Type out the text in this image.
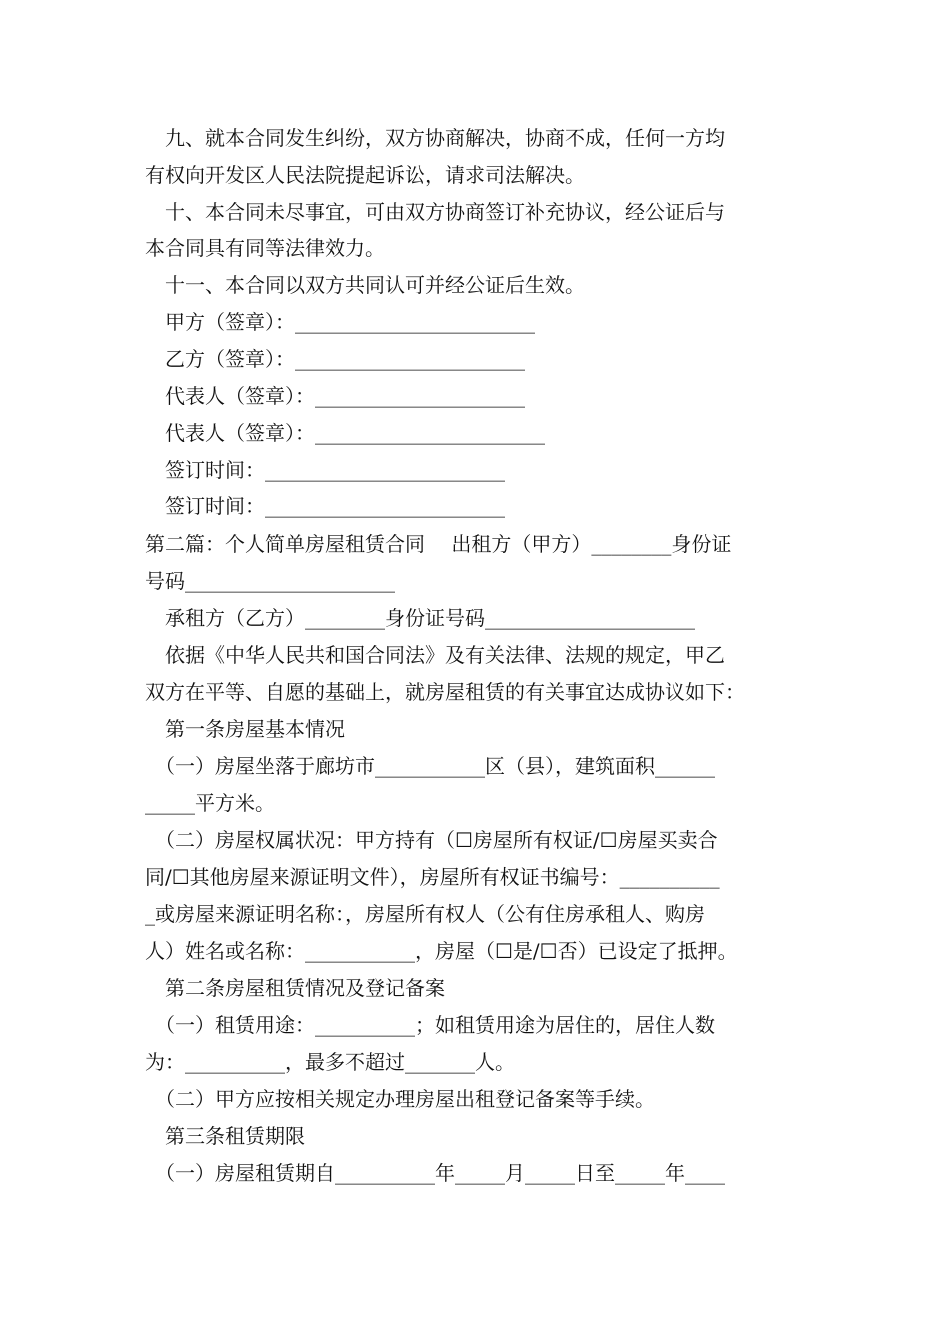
　九、就本合同发生纠纷，双方协商解决，协商不成，任何一方均
有权向开发区人民法院提起诉讼，请求司法解决。
　十、本合同未尽事宜，可由双方协商签订补充协议，经公证后与
本合同具有同等法律效力。
　十一、本合同以双方共同认可并经公证后生效。
　甲方（签章）：________________________
　乙方（签章）：_______________________
　代表人（签章）：_____________________
　代表人（签章）：_______________________
　签订时间：________________________
　签订时间：________________________
第二篇：个人简单房屋租赁合同　 出租方（甲方）________身份证
号码_____________________
　承租方（乙方）________身份证号码_____________________
　依据《中华人民共和国合同法》及有关法律、法规的规定，甲乙
双方在平等、自愿的基础上，就房屋租赁的有关事宜达成协议如下：
　第一条房屋基本情况
　（一）房屋坐落于廊坊市___________区（县），建筑面积______
_____平方米。
　（二）房屋权属状况：甲方持有（☐房屋所有权证/☐房屋买卖合
同/☐其他房屋来源证明文件），房屋所有权证书编号：__________
_或房屋来源证明名称：，房屋所有权人（公有住房承租人、购房
人）姓名或名称：___________，房屋（☐是/☐否）已设定了抵押。
　第二条房屋租赁情况及登记备案
　（一）租赁用途：__________；如租赁用途为居住的，居住人数
为：__________，最多不超过_______人。
　（二）甲方应按相关规定办理房屋出租登记备案等手续。
　第三条租赁期限
　（一）房屋租赁期自__________年_____月_____日至_____年____
